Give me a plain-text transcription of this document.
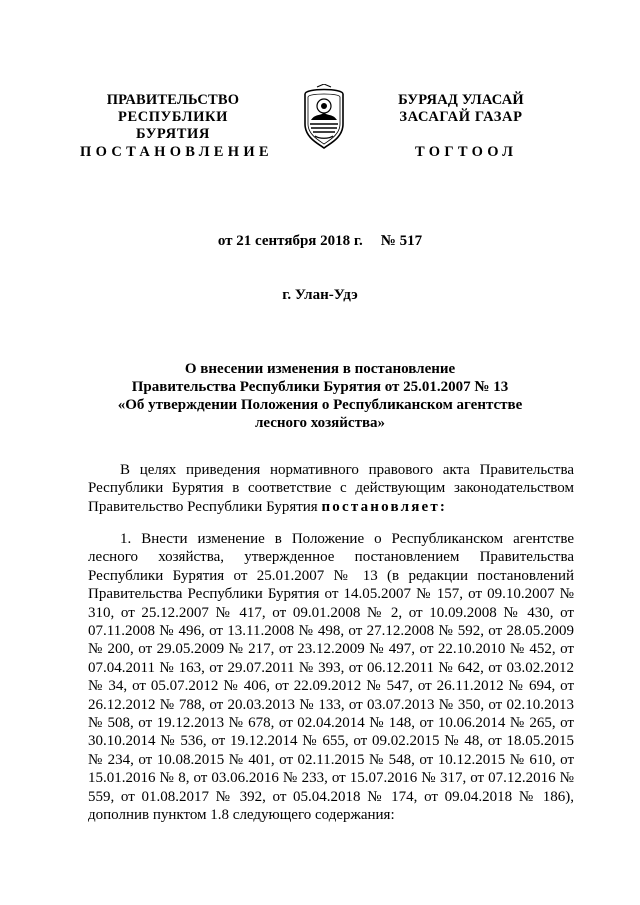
ПРАВИТЕЛЬСТВО
РЕСПУБЛИКИ БУРЯТИЯ
БУРЯАД УЛАСАЙ
ЗАСАГАЙ ГАЗАР
ПОСТАНОВЛЕНИЕ	ТОГТООЛ
от 21 сентября 2018 г. № 517
г. Улан-Удэ
О внесении изменения в постановление
Правительства Республики Бурятия от 25.01.2007 № 13
«Об утверждении Положения о Республиканском агентстве
лесного хозяйства»
В целях приведения нормативного правового акта Правительства Республики Бурятия в соответствие с действующим законодательством Правительство Республики Бурятия постановляет:
1. Внести изменение в Положение о Республиканском агентстве лесного хозяйства, утвержденное постановлением Правительства Республики Бурятия от 25.01.2007 № 13 (в редакции постановлений Правительства Республики Бурятия от 14.05.2007 № 157, от 09.10.2007 № 310, от 25.12.2007 № 417, от 09.01.2008 № 2, от 10.09.2008 № 430, от 07.11.2008 № 496, от 13.11.2008 № 498, от 27.12.2008 № 592, от 28.05.2009 № 200, от 29.05.2009 № 217, от 23.12.2009 № 497, от 22.10.2010 № 452, от 07.04.2011 № 163, от 29.07.2011 № 393, от 06.12.2011 № 642, от 03.02.2012 № 34, от 05.07.2012 № 406, от 22.09.2012 № 547, от 26.11.2012 № 694, от 26.12.2012 № 788, от 20.03.2013 № 133, от 03.07.2013 № 350, от 02.10.2013 № 508, от 19.12.2013 № 678, от 02.04.2014 № 148, от 10.06.2014 № 265, от 30.10.2014 № 536, от 19.12.2014 № 655, от 09.02.2015 № 48, от 18.05.2015 № 234, от 10.08.2015 № 401, от 02.11.2015 № 548, от 10.12.2015 № 610, от 15.01.2016 № 8, от 03.06.2016 № 233, от 15.07.2016 № 317, от 07.12.2016 № 559, от 01.08.2017 № 392, от 05.04.2018 № 174, от 09.04.2018 № 186), дополнив пунктом 1.8 следующего содержания:
